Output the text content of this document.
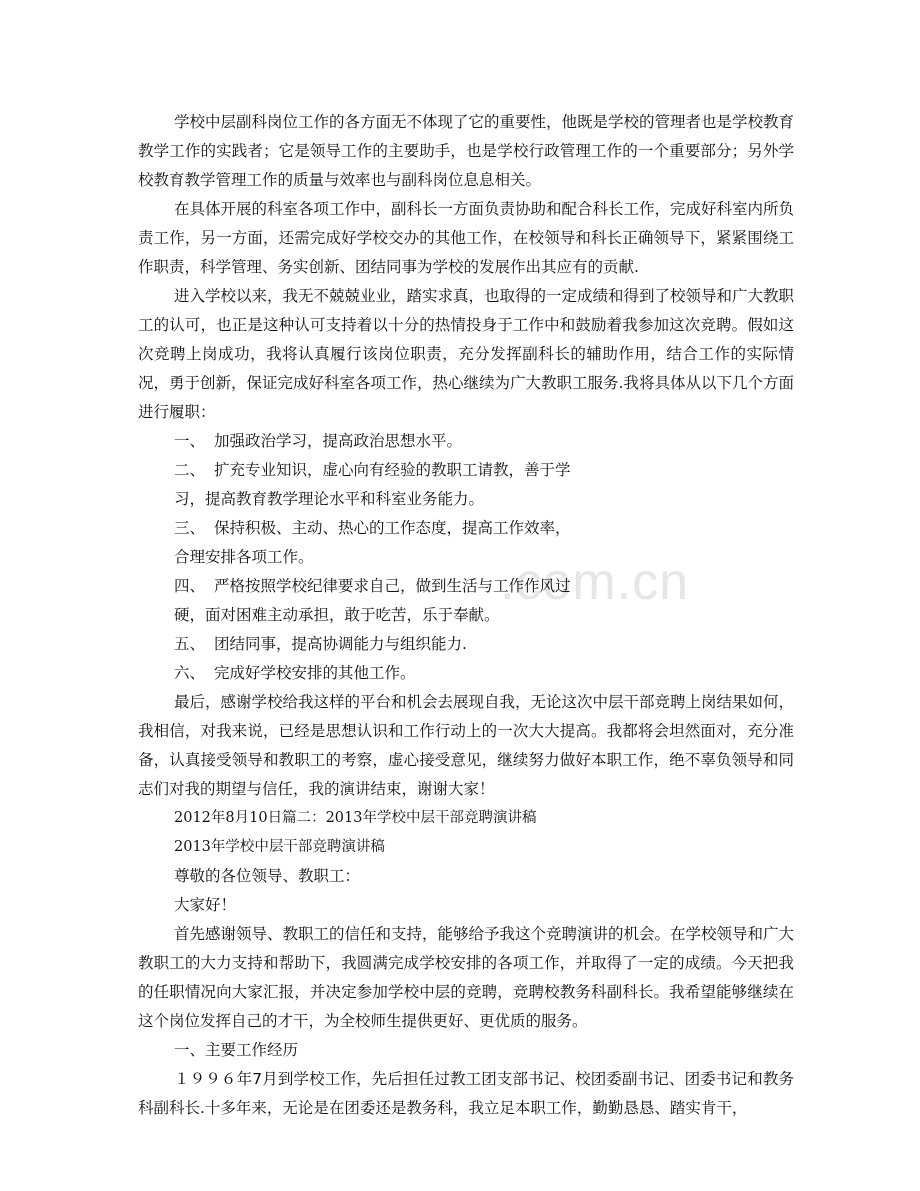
.com.cn

学校中层副科岗位工作的各方面无不体现了它的重要性，他既是学校的管理者也是学校教育教学工作的实践者；它是领导工作的主要助手，也是学校行政管理工作的一个重要部分；另外学校教育教学管理工作的质量与效率也与副科岗位息息相关。

在具体开展的科室各项工作中，副科长一方面负责协助和配合科长工作，完成好科室内所负责工作，另一方面，还需完成好学校交办的其他工作，在校领导和科长正确领导下，紧紧围绕工作职责，科学管理、务实创新、团结同事为学校的发展作出其应有的贡献.

进入学校以来，我无不兢兢业业，踏实求真，也取得的一定成绩和得到了校领导和广大教职工的认可，也正是这种认可支持着以十分的热情投身于工作中和鼓励着我参加这次竞聘。假如这次竞聘上岗成功，我将认真履行该岗位职责，充分发挥副科长的辅助作用，结合工作的实际情况，勇于创新，保证完成好科室各项工作，热心继续为广大教职工服务.我将具体从以下几个方面进行履职：

一、 加强政治学习，提高政治思想水平。

二、 扩充专业知识，虚心向有经验的教职工请教，善于学

习，提高教育教学理论水平和科室业务能力。

三、 保持积极、主动、热心的工作态度，提高工作效率，

合理安排各项工作。

四、 严格按照学校纪律要求自己，做到生活与工作作风过

硬，面对困难主动承担，敢于吃苦，乐于奉献。

五、 团结同事，提高协调能力与组织能力.

六、 完成好学校安排的其他工作。

最后，感谢学校给我这样的平台和机会去展现自我，无论这次中层干部竞聘上岗结果如何，我相信，对我来说，已经是思想认识和工作行动上的一次大大提高。我都将会坦然面对，充分准备，认真接受领导和教职工的考察，虚心接受意见，继续努力做好本职工作，绝不辜负领导和同志们对我的期望与信任，我的演讲结束，谢谢大家！

2012年8月10日篇二：2013年学校中层干部竞聘演讲稿

2013年学校中层干部竞聘演讲稿

尊敬的各位领导、教职工：

大家好！

首先感谢领导、教职工的信任和支持，能够给予我这个竞聘演讲的机会。在学校领导和广大教职工的大力支持和帮助下，我圆满完成学校安排的各项工作，并取得了一定的成绩。今天把我的任职情况向大家汇报，并决定参加学校中层的竞聘，竞聘校教务科副科长。我希望能够继续在这个岗位发挥自己的才干，为全校师生提供更好、更优质的服务。

一、主要工作经历

１９９６年7月到学校工作，先后担任过教工团支部书记、校团委副书记、团委书记和教务科副科长.十多年来，无论是在团委还是教务科，我立足本职工作，勤勤恳恳、踏实肯干，
